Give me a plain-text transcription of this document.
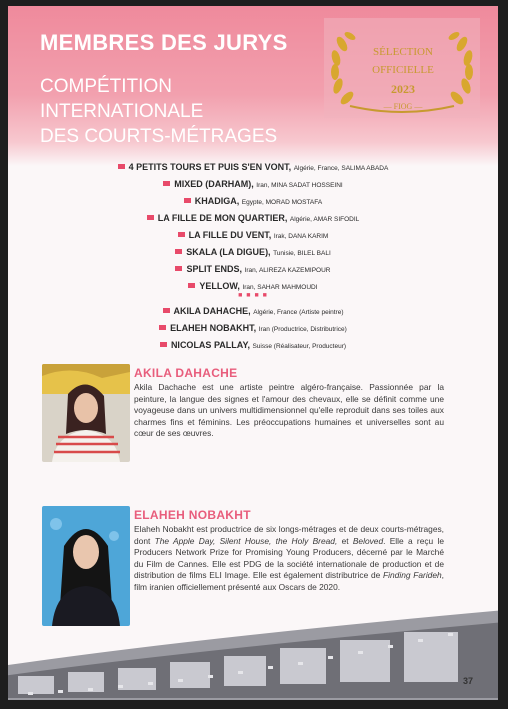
MEMBRES DES JURYS
COMPÉTITION
INTERNATIONALE
DES COURTS-MÉTRAGES
SÉLECTION
OFFICIELLE
2023
— FIOG —
4 PETITS TOURS ET PUIS S'EN VONT, Algérie, France, SALIMA ABADA
MIXED (DARHAM), Iran, MINA SADAT HOSSEINI
KHADIGA, Egypte, MORAD MOSTAFA
LA FILLE DE MON QUARTIER, Algérie, AMAR SIFODIL
LA FILLE DU VENT, Irak, DANA KARIM
SKALA (LA DIGUE), Tunisie, BILEL BALI
SPLIT ENDS, Iran, ALIREZA KAZEMIPOUR
YELLOW, Iran, SAHAR MAHMOUDI
■ ■ ■ ■
AKILA DAHACHE, Algérie, France (Artiste peintre)
ELAHEH NOBAKHT, Iran (Productrice, Distributrice)
NICOLAS PALLAY, Suisse (Réalisateur, Producteur)
AKILA DAHACHE
Akila Dachache est une artiste peintre algéro-française. Passionnée par la peinture, la langue des signes et l'amour des chevaux, elle se définit comme une voyageuse dans un univers multidimensionnel qu'elle reproduit dans ses toiles aux charmes fins et féminins. Les préoccupations humaines et universelles sont au cœur de ses œuvres.
ELAHEH NOBAKHT
Elaheh Nobakht est productrice de six longs-métrages et de deux courts-métrages, dont The Apple Day, Silent House, the Holy Bread, et Beloved. Elle a reçu le Producers Network Prize for Promising Young Producers, décerné par le Marché du Film de Cannes. Elle est PDG de la société internationale de production et de distribution de films ELI Image. Elle est également distributrice de Finding Farideh, film iranien officiellement présenté aux Oscars de 2020.
37
